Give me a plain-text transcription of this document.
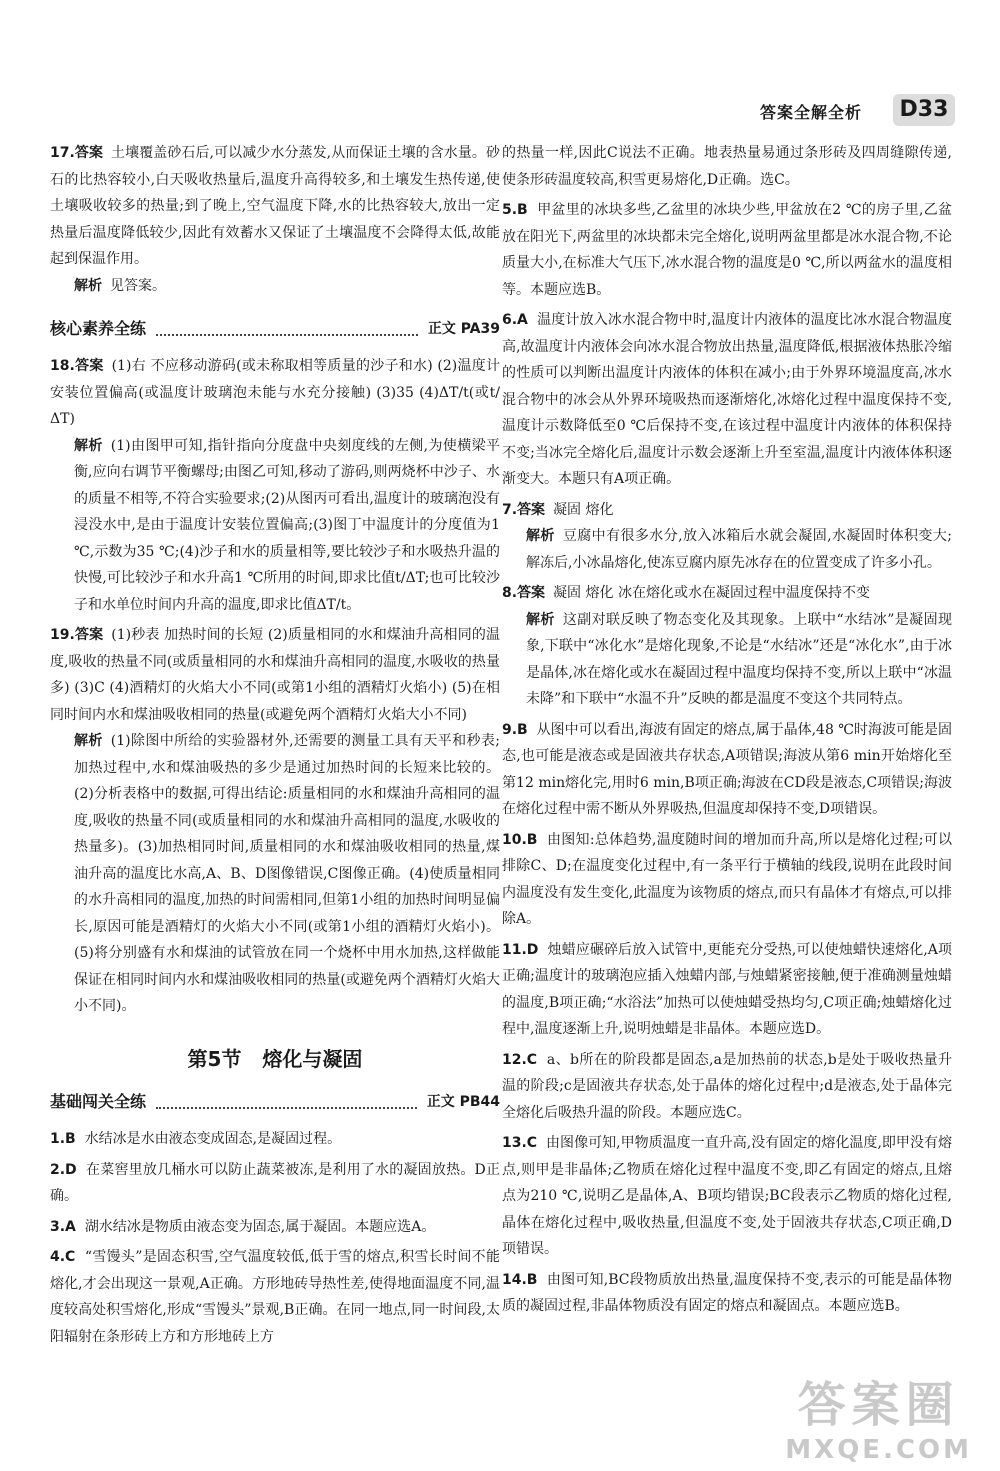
答案全解全析 D33

17.答案 土壤覆盖砂石后,可以减少水分蒸发,从而保证土壤的含水量。砂石的比热容较小,白天吸收热量后,温度升高得较多,和土壤发生热传递,使土壤吸收较多的热量;到了晚上,空气温度下降,水的比热容较大,放出一定热量后温度降低较少,因此有效蓄水又保证了土壤温度不会降得太低,故能起到保温作用。

解析 见答案。

核心素养全练	正文 PA39

18.答案 (1)右 不应移动游码(或未称取相等质量的沙子和水) (2)温度计安装位置偏高(或温度计玻璃泡未能与水充分接触) (3)35 (4)ΔT/t(或t/ΔT)

解析 (1)由图甲可知,指针指向分度盘中央刻度线的左侧,为使横梁平衡,应向右调节平衡螺母;由图乙可知,移动了游码,则两烧杯中沙子、水的质量不相等,不符合实验要求;(2)从图丙可看出,温度计的玻璃泡没有浸没水中,是由于温度计安装位置偏高;(3)图丁中温度计的分度值为1 ℃,示数为35 ℃;(4)沙子和水的质量相等,要比较沙子和水吸热升温的快慢,可比较沙子和水升高1 ℃所用的时间,即求比值t/ΔT;也可比较沙子和水单位时间内升高的温度,即求比值ΔT/t。

19.答案 (1)秒表 加热时间的长短 (2)质量相同的水和煤油升高相同的温度,吸收的热量不同(或质量相同的水和煤油升高相同的温度,水吸收的热量多) (3)C (4)酒精灯的火焰大小不同(或第1小组的酒精灯火焰小) (5)在相同时间内水和煤油吸收相同的热量(或避免两个酒精灯火焰大小不同)

解析 (1)除图中所给的实验器材外,还需要的测量工具有天平和秒表;加热过程中,水和煤油吸热的多少是通过加热时间的长短来比较的。(2)分析表格中的数据,可得出结论:质量相同的水和煤油升高相同的温度,吸收的热量不同(或质量相同的水和煤油升高相同的温度,水吸收的热量多)。(3)加热相同时间,质量相同的水和煤油吸收相同的热量,煤油升高的温度比水高,A、B、D图像错误,C图像正确。(4)使质量相同的水升高相同的温度,加热的时间需相同,但第1小组的加热时间明显偏长,原因可能是酒精灯的火焰大小不同(或第1小组的酒精灯火焰小)。(5)将分别盛有水和煤油的试管放在同一个烧杯中用水加热,这样做能保证在相同时间内水和煤油吸收相同的热量(或避免两个酒精灯火焰大小不同)。

第5节 熔化与凝固
基础闯关全练	正文 PB44

1.B 水结冰是水由液态变成固态,是凝固过程。

2.D 在菜窖里放几桶水可以防止蔬菜被冻,是利用了水的凝固放热。D正确。

3.A 湖水结冰是物质由液态变为固态,属于凝固。本题应选A。

4.C “雪馒头”是固态积雪,空气温度较低,低于雪的熔点,积雪长时间不能熔化,才会出现这一景观,A正确。方形地砖导热性差,使得地面温度不同,温度较高处积雪熔化,形成“雪馒头”景观,B正确。在同一地点,同一时间段,太阳辐射在条形砖上方和方形地砖上方

的热量一样,因此C说法不正确。地表热量易通过条形砖及四周缝隙传递,使条形砖温度较高,积雪更易熔化,D正确。选C。

5.B 甲盆里的冰块多些,乙盆里的冰块少些,甲盆放在2 ℃的房子里,乙盆放在阳光下,两盆里的冰块都未完全熔化,说明两盆里都是冰水混合物,不论质量大小,在标准大气压下,冰水混合物的温度是0 ℃,所以两盆水的温度相等。本题应选B。

6.A 温度计放入冰水混合物中时,温度计内液体的温度比冰水混合物温度高,故温度计内液体会向冰水混合物放出热量,温度降低,根据液体热胀冷缩的性质可以判断出温度计内液体的体积在减小;由于外界环境温度高,冰水混合物中的冰会从外界环境吸热而逐渐熔化,冰熔化过程中温度保持不变,温度计示数降低至0 ℃后保持不变,在该过程中温度计内液体的体积保持不变;当冰完全熔化后,温度计示数会逐渐上升至室温,温度计内液体体积逐渐变大。本题只有A项正确。

7.答案 凝固 熔化

解析 豆腐中有很多水分,放入冰箱后水就会凝固,水凝固时体积变大;解冻后,小冰晶熔化,使冻豆腐内原先冰存在的位置变成了许多小孔。

8.答案 凝固 熔化 冰在熔化或水在凝固过程中温度保持不变

解析 这副对联反映了物态变化及其现象。上联中“水结冰”是凝固现象,下联中“冰化水”是熔化现象,不论是“水结冰”还是“冰化水”,由于冰是晶体,冰在熔化或水在凝固过程中温度均保持不变,所以上联中“冰温未降”和下联中“水温不升”反映的都是温度不变这个共同特点。

9.B 从图中可以看出,海波有固定的熔点,属于晶体,48 ℃时海波可能是固态,也可能是液态或是固液共存状态,A项错误;海波从第6 min开始熔化至第12 min熔化完,用时6 min,B项正确;海波在CD段是液态,C项错误;海波在熔化过程中需不断从外界吸热,但温度却保持不变,D项错误。

10.B 由图知:总体趋势,温度随时间的增加而升高,所以是熔化过程;可以排除C、D;在温度变化过程中,有一条平行于横轴的线段,说明在此段时间内温度没有发生变化,此温度为该物质的熔点,而只有晶体才有熔点,可以排除A。

11.D 烛蜡应碾碎后放入试管中,更能充分受热,可以使烛蜡快速熔化,A项正确;温度计的玻璃泡应插入烛蜡内部,与烛蜡紧密接触,便于准确测量烛蜡的温度,B项正确;“水浴法”加热可以使烛蜡受热均匀,C项正确;烛蜡熔化过程中,温度逐渐上升,说明烛蜡是非晶体。本题应选D。

12.C a、b所在的阶段都是固态,a是加热前的状态,b是处于吸收热量升温的阶段;c是固液共存状态,处于晶体的熔化过程中;d是液态,处于晶体完全熔化后吸热升温的阶段。本题应选C。

13.C 由图像可知,甲物质温度一直升高,没有固定的熔化温度,即甲没有熔点,则甲是非晶体;乙物质在熔化过程中温度不变,即乙有固定的熔点,且熔点为210 ℃,说明乙是晶体,A、B项均错误;BC段表示乙物质的熔化过程,晶体在熔化过程中,吸收热量,但温度不变,处于固液共存状态,C项正确,D项错误。

14.B 由图可知,BC段物质放出热量,温度保持不变,表示的可能是晶体物质的凝固过程,非晶体物质没有固定的熔点和凝固点。本题应选B。

答案圈
MXQE.COM
